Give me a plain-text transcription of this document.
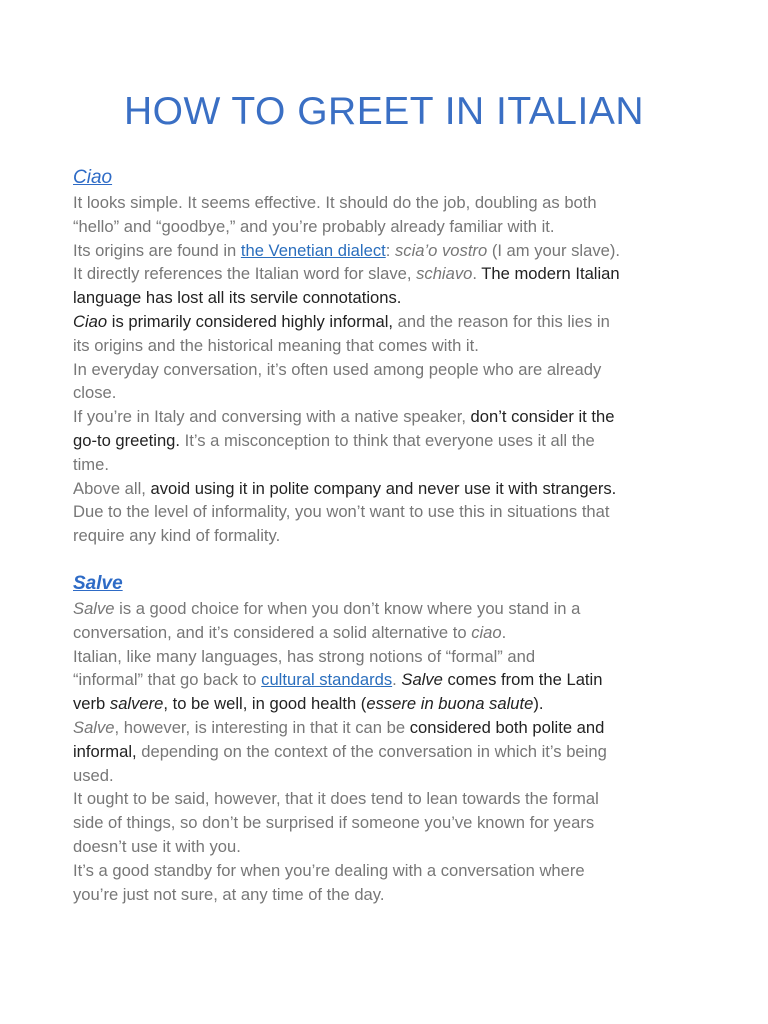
HOW TO GREET IN ITALIAN
Ciao

It looks simple. It seems effective. It should do the job, doubling as both

“hello” and “goodbye,” and you’re probably already familiar with it.

Its origins are found in the Venetian dialect: scia’o vostro (I am your slave).

It directly references the Italian word for slave, schiavo. The modern Italian

language has lost all its servile connotations.

Ciao is primarily considered highly informal, and the reason for this lies in

its origins and the historical meaning that comes with it.

In everyday conversation, it’s often used among people who are already

close.

If you’re in Italy and conversing with a native speaker, don’t consider it the

go-to greeting. It’s a misconception to think that everyone uses it all the

time.

Above all, avoid using it in polite company and never use it with strangers.

Due to the level of informality, you won’t want to use this in situations that

require any kind of formality.

Salve

Salve is a good choice for when you don’t know where you stand in a

conversation, and it’s considered a solid alternative to ciao.

Italian, like many languages, has strong notions of “formal” and

“informal” that go back to cultural standards. Salve comes from the Latin

verb salvere, to be well, in good health (essere in buona salute).

Salve, however, is interesting in that it can be considered both polite and

informal, depending on the context of the conversation in which it’s being

used.

It ought to be said, however, that it does tend to lean towards the formal

side of things, so don’t be surprised if someone you’ve known for years

doesn’t use it with you.

It’s a good standby for when you’re dealing with a conversation where

you’re just not sure, at any time of the day.
